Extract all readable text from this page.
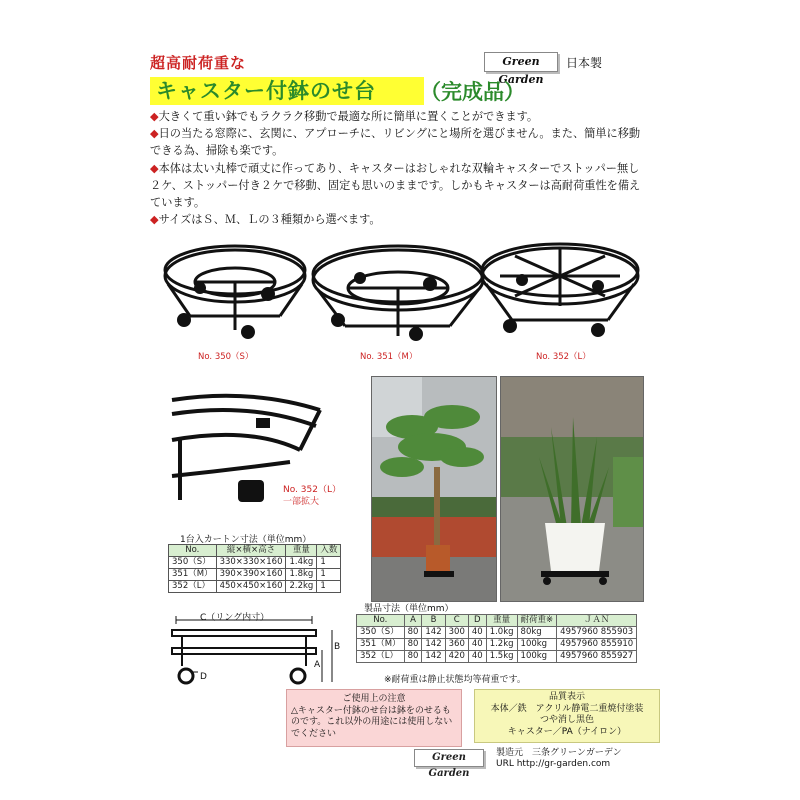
超高耐荷重な	Green Garden
日本製
キャスター付鉢のせ台	（完成品）

◆大きくて重い鉢でもラクラク移動で最適な所に簡単に置くことができます。

◆日の当たる窓際に、玄関に、アプローチに、リビングにと場所を選びません。また、簡単に移動できる為、掃除も楽です。

◆本体は太い丸棒で頑丈に作ってあり、キャスターはおしゃれな双輪キャスターでストッパー無し２ケ、ストッパー付き２ケで移動、固定も思いのままです。しかもキャスターは高耐荷重性を備えています。

◆サイズはＳ、Ｍ、Ｌの３種類から選べます。

No. 350（S）	No. 351（M）	No. 352（L）
No. 352（L）
一部拡大
1台入カートン寸法（単位mm）
No.	縦×横×高さ	重量	入数
350（S）	330×330×160	1.4kg	1
351（M）	390×390×160	1.8kg	1
352（L）	450×450×160	2.2kg	1
C（リング内寸）
A
B
D
製品寸法（単位mm）
No.	A	B	C	D	重量	耐荷重※	ＪＡＮ
350（S）	80	142	300	40	1.0kg	80kg	4957960 855903
351（M）	80	142	360	40	1.2kg	100kg	4957960 855910
352（L）	80	142	420	40	1.5kg	100kg	4957960 855927
※耐荷重は静止状態均等荷重です。
ご使用上の注意
△キャスター付鉢のせ台は鉢をのせるものです。これ以外の用途には使用しないでください
品質表示
本体／鉄　アクリル静電二重焼付塗装
つや消し黒色
キャスター／PA（ナイロン）
Green Garden
製造元　 三条グリーンガーデン
URL http://gr-garden.com
